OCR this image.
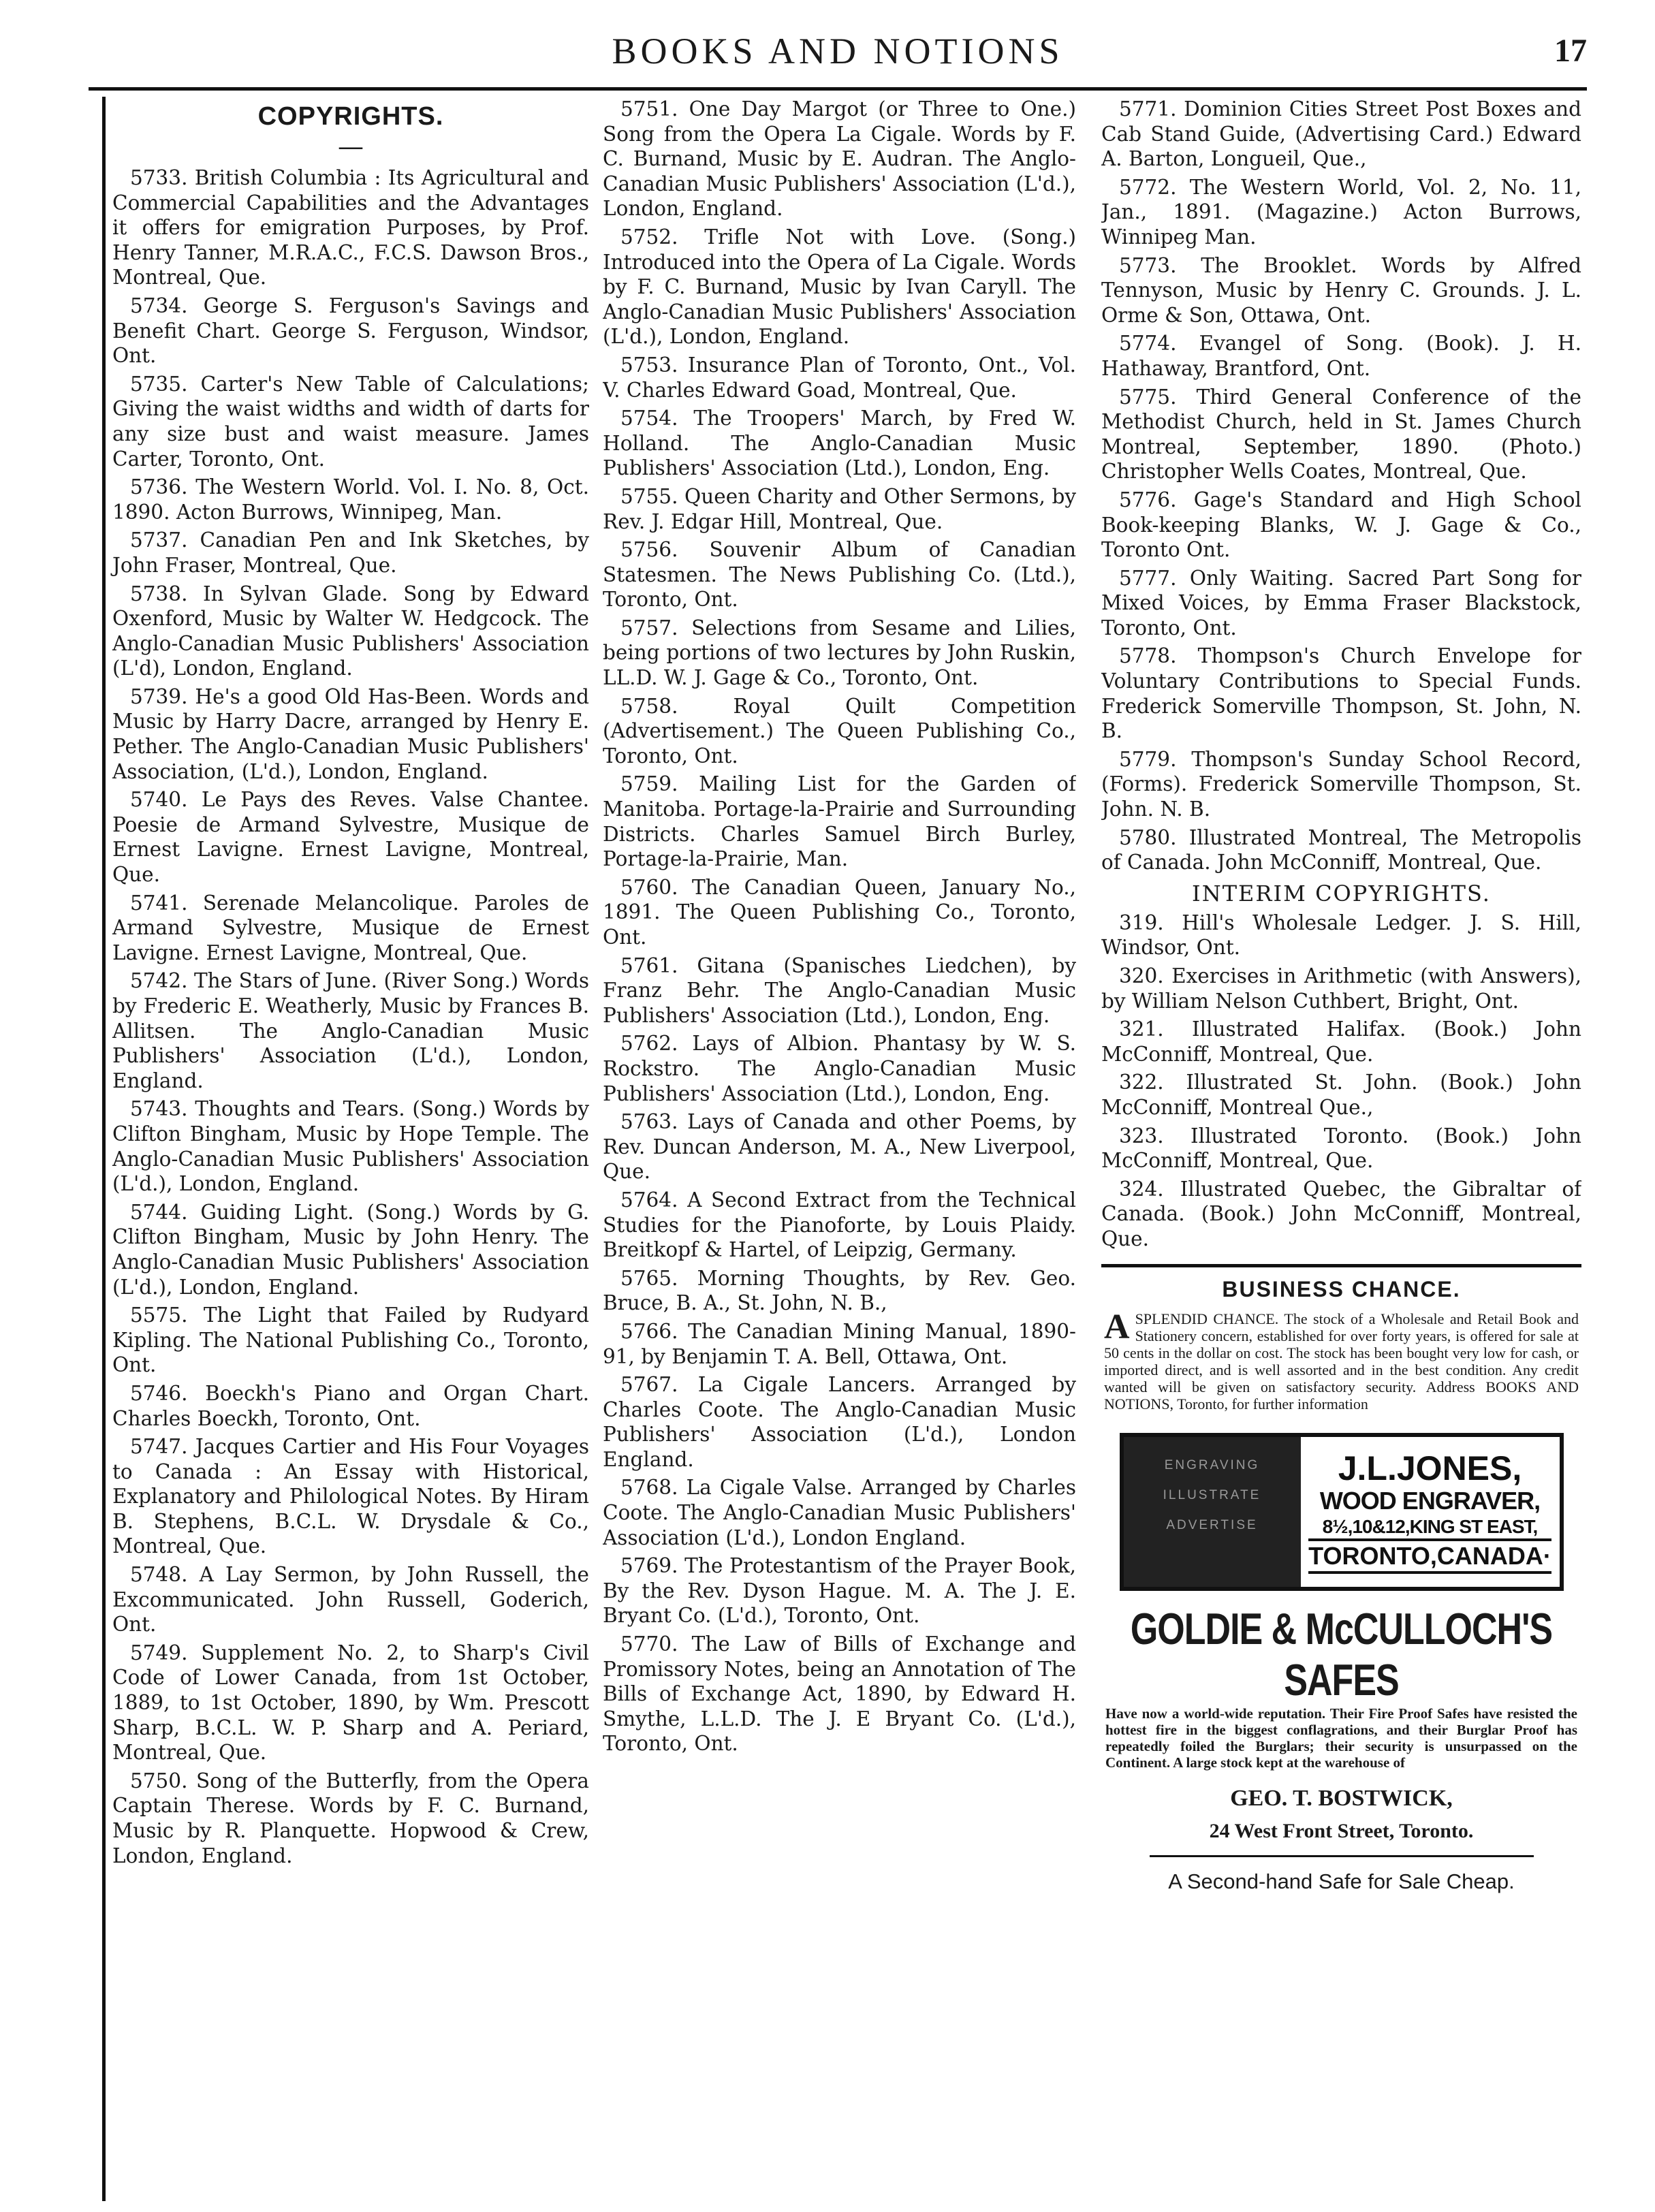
BOOKS AND NOTIONS	17
COPYRIGHTS.
—

5733. British Columbia : Its Agricultural and Commercial Capabilities and the Advantages it offers for emigration Purposes, by Prof. Henry Tanner, M.R.A.C., F.C.S. Dawson Bros., Montreal, Que.

5734. George S. Ferguson's Savings and Benefit Chart. George S. Ferguson, Windsor, Ont.

5735. Carter's New Table of Calculations; Giving the waist widths and width of darts for any size bust and waist measure. James Carter, Toronto, Ont.

5736. The Western World. Vol. I. No. 8, Oct. 1890. Acton Burrows, Winnipeg, Man.

5737. Canadian Pen and Ink Sketches, by John Fraser, Montreal, Que.

5738. In Sylvan Glade. Song by Edward Oxenford, Music by Walter W. Hedgcock. The Anglo-Canadian Music Publishers' Association (L'd), London, England.

5739. He's a good Old Has-Been. Words and Music by Harry Dacre, arranged by Henry E. Pether. The Anglo-Canadian Music Publishers' Association, (L'd.), London, England.

5740. Le Pays des Reves. Valse Chantee. Poesie de Armand Sylvestre, Musique de Ernest Lavigne. Ernest Lavigne, Montreal, Que.

5741. Serenade Melancolique. Paroles de Armand Sylvestre, Musique de Ernest Lavigne. Ernest Lavigne, Montreal, Que.

5742. The Stars of June. (River Song.) Words by Frederic E. Weatherly, Music by Frances B. Allitsen. The Anglo-Canadian Music Publishers' Association (L'd.), London, England.

5743. Thoughts and Tears. (Song.) Words by Clifton Bingham, Music by Hope Temple. The Anglo-Canadian Music Publishers' Association (L'd.), London, England.

5744. Guiding Light. (Song.) Words by G. Clifton Bingham, Music by John Henry. The Anglo-Canadian Music Publishers' Association (L'd.), London, England.

5575. The Light that Failed by Rudyard Kipling. The National Publishing Co., Toronto, Ont.

5746. Boeckh's Piano and Organ Chart. Charles Boeckh, Toronto, Ont.

5747. Jacques Cartier and His Four Voyages to Canada : An Essay with Historical, Explanatory and Philological Notes. By Hiram B. Stephens, B.C.L. W. Drysdale & Co., Montreal, Que.

5748. A Lay Sermon, by John Russell, the Excommunicated. John Russell, Goderich, Ont.

5749. Supplement No. 2, to Sharp's Civil Code of Lower Canada, from 1st October, 1889, to 1st October, 1890, by Wm. Prescott Sharp, B.C.L. W. P. Sharp and A. Periard, Montreal, Que.

5750. Song of the Butterfly, from the Opera Captain Therese. Words by F. C. Burnand, Music by R. Planquette. Hopwood & Crew, London, England.

5751. One Day Margot (or Three to One.) Song from the Opera La Cigale. Words by F. C. Burnand, Music by E. Audran. The Anglo-Canadian Music Publishers' Association (L'd.), London, England.

5752. Trifle Not with Love. (Song.) Introduced into the Opera of La Cigale. Words by F. C. Burnand, Music by Ivan Caryll. The Anglo-Canadian Music Publishers' Association (L'd.), London, England.

5753. Insurance Plan of Toronto, Ont., Vol. V. Charles Edward Goad, Montreal, Que.

5754. The Troopers' March, by Fred W. Holland. The Anglo-Canadian Music Publishers' Association (Ltd.), London, Eng.

5755. Queen Charity and Other Sermons, by Rev. J. Edgar Hill, Montreal, Que.

5756. Souvenir Album of Canadian Statesmen. The News Publishing Co. (Ltd.), Toronto, Ont.

5757. Selections from Sesame and Lilies, being portions of two lectures by John Ruskin, LL.D. W. J. Gage & Co., Toronto, Ont.

5758. Royal Quilt Competition (Advertisement.) The Queen Publishing Co., Toronto, Ont.

5759. Mailing List for the Garden of Manitoba. Portage-la-Prairie and Surrounding Districts. Charles Samuel Birch Burley, Portage-la-Prairie, Man.

5760. The Canadian Queen, January No., 1891. The Queen Publishing Co., Toronto, Ont.

5761. Gitana (Spanisches Liedchen), by Franz Behr. The Anglo-Canadian Music Publishers' Association (Ltd.), London, Eng.

5762. Lays of Albion. Phantasy by W. S. Rockstro. The Anglo-Canadian Music Publishers' Association (Ltd.), London, Eng.

5763. Lays of Canada and other Poems, by Rev. Duncan Anderson, M. A., New Liverpool, Que.

5764. A Second Extract from the Technical Studies for the Pianoforte, by Louis Plaidy. Breitkopf & Hartel, of Leipzig, Germany.

5765. Morning Thoughts, by Rev. Geo. Bruce, B. A., St. John, N. B.,

5766. The Canadian Mining Manual, 1890-91, by Benjamin T. A. Bell, Ottawa, Ont.

5767. La Cigale Lancers. Arranged by Charles Coote. The Anglo-Canadian Music Publishers' Association (L'd.), London England.

5768. La Cigale Valse. Arranged by Charles Coote. The Anglo-Canadian Music Publishers' Association (L'd.), London England.

5769. The Protestantism of the Prayer Book, By the Rev. Dyson Hague. M. A. The J. E. Bryant Co. (L'd.), Toronto, Ont.

5770. The Law of Bills of Exchange and Promissory Notes, being an Annotation of The Bills of Exchange Act, 1890, by Edward H. Smythe, L.L.D. The J. E Bryant Co. (L'd.), Toronto, Ont.

5771. Dominion Cities Street Post Boxes and Cab Stand Guide, (Advertising Card.) Edward A. Barton, Longueil, Que.,

5772. The Western World, Vol. 2, No. 11, Jan., 1891. (Magazine.) Acton Burrows, Winnipeg Man.

5773. The Brooklet. Words by Alfred Tennyson, Music by Henry C. Grounds. J. L. Orme & Son, Ottawa, Ont.

5774. Evangel of Song. (Book). J. H. Hathaway, Brantford, Ont.

5775. Third General Conference of the Methodist Church, held in St. James Church Montreal, September, 1890. (Photo.) Christopher Wells Coates, Montreal, Que.

5776. Gage's Standard and High School Book-keeping Blanks, W. J. Gage & Co., Toronto Ont.

5777. Only Waiting. Sacred Part Song for Mixed Voices, by Emma Fraser Blackstock, Toronto, Ont.

5778. Thompson's Church Envelope for Voluntary Contributions to Special Funds. Frederick Somerville Thompson, St. John, N. B.

5779. Thompson's Sunday School Record, (Forms). Frederick Somerville Thompson, St. John. N. B.

5780. Illustrated Montreal, The Metropolis of Canada. John McConniff, Montreal, Que.

INTERIM COPYRIGHTS.

319. Hill's Wholesale Ledger. J. S. Hill, Windsor, Ont.

320. Exercises in Arithmetic (with Answers), by William Nelson Cuthbert, Bright, Ont.

321. Illustrated Halifax. (Book.) John McConniff, Montreal, Que.

322. Illustrated St. John. (Book.) John McConniff, Montreal Que.,

323. Illustrated Toronto. (Book.) John McConniff, Montreal, Que.

324. Illustrated Quebec, the Gibraltar of Canada. (Book.) John McConniff, Montreal, Que.

BUSINESS CHANCE.
A SPLENDID CHANCE. The stock of a Wholesale and Retail Book and Stationery concern, established for over forty years, is offered for sale at 50 cents in the dollar on cost. The stock has been bought very low for cash, or imported direct, and is well assorted and in the best condition. Any credit wanted will be given on satisfactory security. Address BOOKS AND NOTIONS, Toronto, for further information
ENGRAVING
ILLUSTRATE
ADVERTISE
J.L.JONES,
WOOD ENGRAVER,
8½,10&12,KING ST EAST,
TORONTO,CANADA·
GOLDIE & McCULLOCH'S SAFES
Have now a world-wide reputation. Their Fire Proof Safes have resisted the hottest fire in the biggest conflagrations, and their Burglar Proof has repeatedly foiled the Burglars; their security is unsurpassed on the Continent. A large stock kept at the warehouse of
GEO. T. BOSTWICK,
24 West Front Street, Toronto.
A Second-hand Safe for Sale Cheap.
